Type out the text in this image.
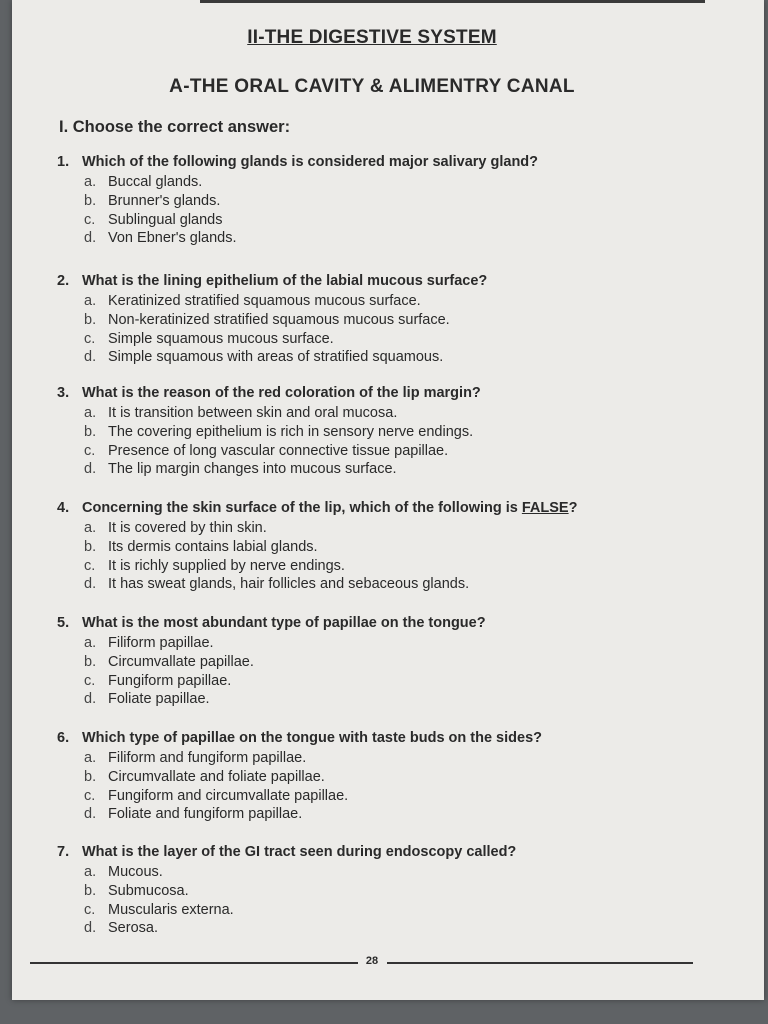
II-THE DIGESTIVE SYSTEM
A-THE ORAL CAVITY & ALIMENTRY CANAL
I. Choose the correct answer:
1. Which of the following glands is considered major salivary gland?
a. Buccal glands.
b. Brunner's glands.
c. Sublingual glands
d. Von Ebner's glands.
2. What is the lining epithelium of the labial mucous surface?
a. Keratinized stratified squamous mucous surface.
b. Non-keratinized stratified squamous mucous surface.
c. Simple squamous mucous surface.
d. Simple squamous with areas of stratified squamous.
3. What is the reason of the red coloration of the lip margin?
a. It is transition between skin and oral mucosa.
b. The covering epithelium is rich in sensory nerve endings.
c. Presence of long vascular connective tissue papillae.
d. The lip margin changes into mucous surface.
4. Concerning the skin surface of the lip, which of the following is FALSE?
a. It is covered by thin skin.
b. Its dermis contains labial glands.
c. It is richly supplied by nerve endings.
d. It has sweat glands, hair follicles and sebaceous glands.
5. What is the most abundant type of papillae on the tongue?
a. Filiform papillae.
b. Circumvallate papillae.
c. Fungiform papillae.
d. Foliate papillae.
6. Which type of papillae on the tongue with taste buds on the sides?
a. Filiform and fungiform papillae.
b. Circumvallate and foliate papillae.
c. Fungiform and circumvallate papillae.
d. Foliate and fungiform papillae.
7. What is the layer of the GI tract seen during endoscopy called?
a. Mucous.
b. Submucosa.
c. Muscularis externa.
d. Serosa.
28
